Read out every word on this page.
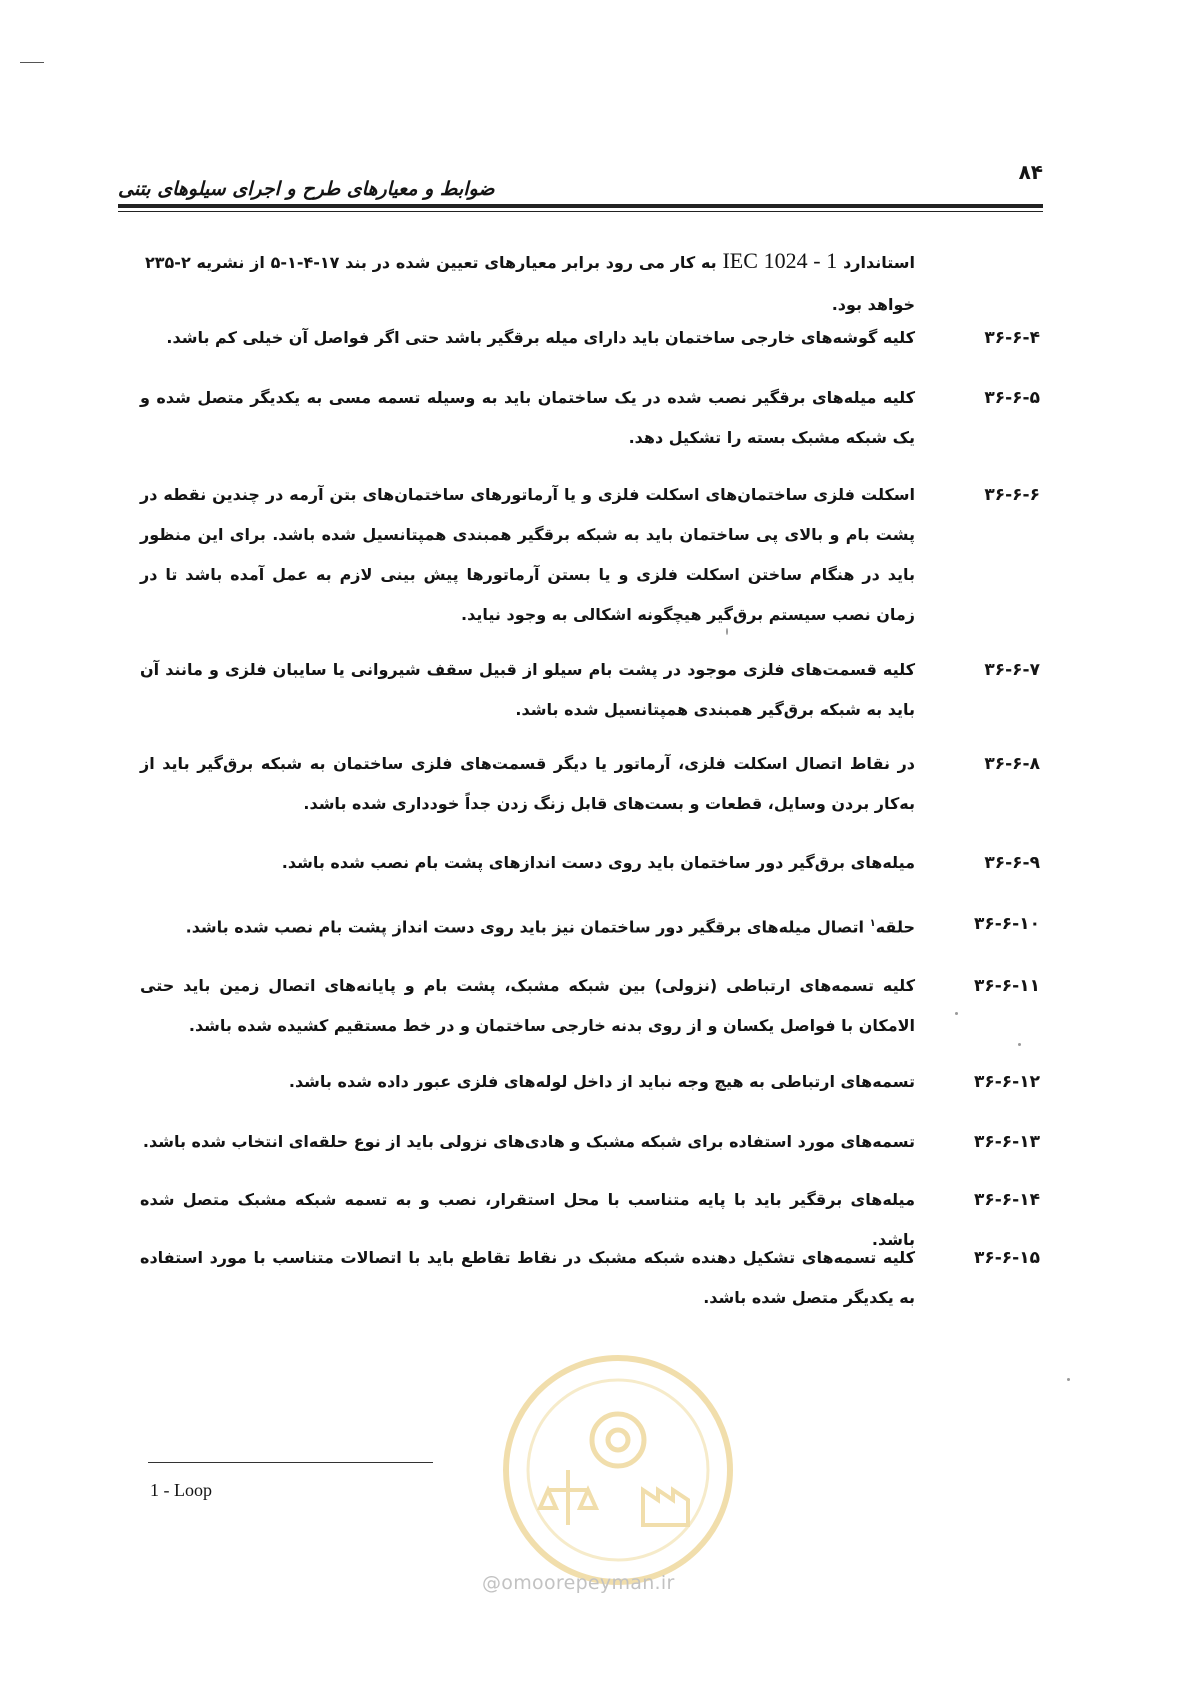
۸۴
ضوابط و معیارهای طرح و اجرای سیلوهای بتنی
استاندارد IEC 1024 - 1 به کار می رود برابر معیارهای تعیین شده در بند ۱۷-۴-۱-۵ از نشریه ۲-۲۳۵ خواهد بود.
۳۶-۶-۴
کلیه گوشه‌های خارجی ساختمان باید دارای میله برقگیر باشد حتی اگر فواصل آن خیلی کم باشد.
۳۶-۶-۵
کلیه میله‌های برقگیر نصب شده در یک ساختمان باید به وسیله تسمه مسی به یکدیگر متصل شده و یک شبکه مشبک بسته را تشکیل دهد.
۳۶-۶-۶
اسکلت فلزی ساختمان‌های اسکلت فلزی و یا آرماتورهای ساختمان‌های بتن آرمه در چندین نقطه در پشت بام و بالای پی ساختمان باید به شبکه برقگیر همبندی همپتانسیل شده باشد. برای این منظور باید در هنگام ساختن اسکلت فلزی و یا بستن آرماتورها پیش بینی لازم به عمل آمده باشد تا در زمان نصب سیستم برق‌گیر هیچگونه اشکالی به وجود نیاید.
۳۶-۶-۷
کلیه قسمت‌های فلزی موجود در پشت بام سیلو از قبیل سقف شیروانی یا سایبان فلزی و مانند آن باید به شبکه برق‌گیر همبندی همپتانسیل شده باشد.
۳۶-۶-۸
در نقاط اتصال اسکلت فلزی، آرماتور یا دیگر قسمت‌های فلزی ساختمان به شبکه برق‌گیر باید از به‌کار بردن وسایل، قطعات و بست‌های قابل زنگ زدن جداً خودداری شده باشد.
۳۶-۶-۹
میله‌های برق‌گیر دور ساختمان باید روی دست اندازهای پشت بام نصب شده باشد.
۳۶-۶-۱۰
حلقه$^۱$ اتصال میله‌های برقگیر دور ساختمان نیز باید روی دست انداز پشت بام نصب شده باشد.
۳۶-۶-۱۱
کلیه تسمه‌های ارتباطی (نزولی) بین شبکه مشبک، پشت بام و پایانه‌های اتصال زمین باید حتی الامکان با فواصل یکسان و از روی بدنه خارجی ساختمان و در خط مستقیم کشیده شده باشد.
۳۶-۶-۱۲
تسمه‌های ارتباطی به هیچ وجه نباید از داخل لوله‌های فلزی عبور داده شده باشد.
۳۶-۶-۱۳
تسمه‌های مورد استفاده برای شبکه مشبک و هادی‌های نزولی باید از نوع حلقه‌ای انتخاب شده باشد.
۳۶-۶-۱۴
میله‌های برقگیر باید با پایه متناسب با محل استقرار، نصب و به تسمه شبکه مشبک متصل شده باشد.
۳۶-۶-۱۵
کلیه تسمه‌های تشکیل دهنده شبکه مشبک در نقاط تقاطع باید با اتصالات متناسب با مورد استفاده به یکدیگر متصل شده باشد.
@omoorepeyman.ir
1 - Loop
